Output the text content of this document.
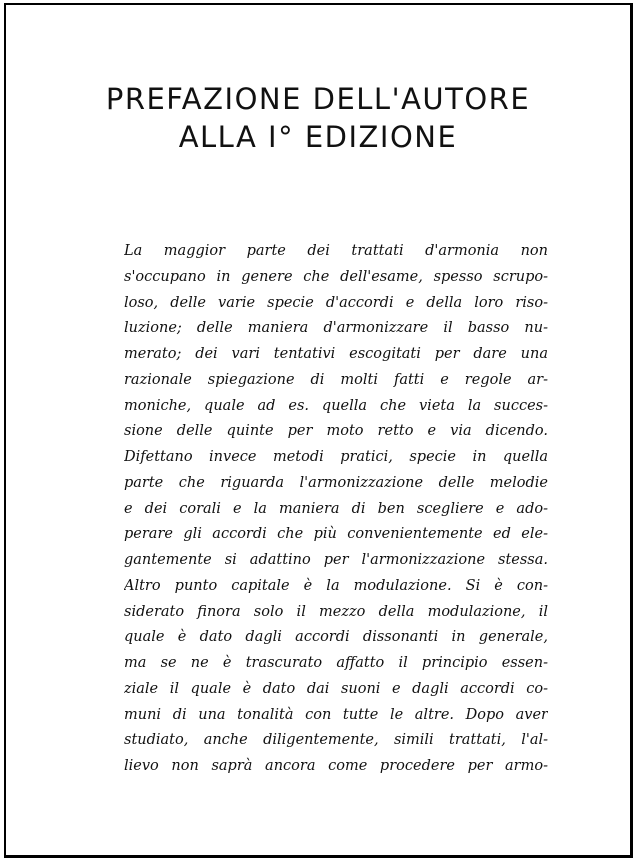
PREFAZIONE DELL'AUTORE
ALLA I° EDIZIONE
La maggior parte dei trattati d'armonia non
s'occupano in genere che dell'esame, spesso scrupo-
loso, delle varie specie d'accordi e della loro riso-
luzione; delle maniera d'armonizzare il basso nu-
merato; dei vari tentativi escogitati per dare una
razionale spiegazione di molti fatti e regole ar-
moniche, quale ad es. quella che vieta la succes-
sione delle quinte per moto retto e via dicendo.
Difettano invece metodi pratici, specie in quella
parte che riguarda l'armonizzazione delle melodie
e dei corali e la maniera di ben scegliere e ado-
perare gli accordi che più convenientemente ed ele-
gantemente si adattino per l'armonizzazione stessa.
Altro punto capitale è la modulazione. Si è con-
siderato finora solo il mezzo della modulazione, il
quale è dato dagli accordi dissonanti in generale,
ma se ne è trascurato affatto il principio essen-
ziale il quale è dato dai suoni e dagli accordi co-
muni di una tonalità con tutte le altre. Dopo aver
studiato, anche diligentemente, simili trattati, l'al-
lievo non saprà ancora come procedere per armo-
